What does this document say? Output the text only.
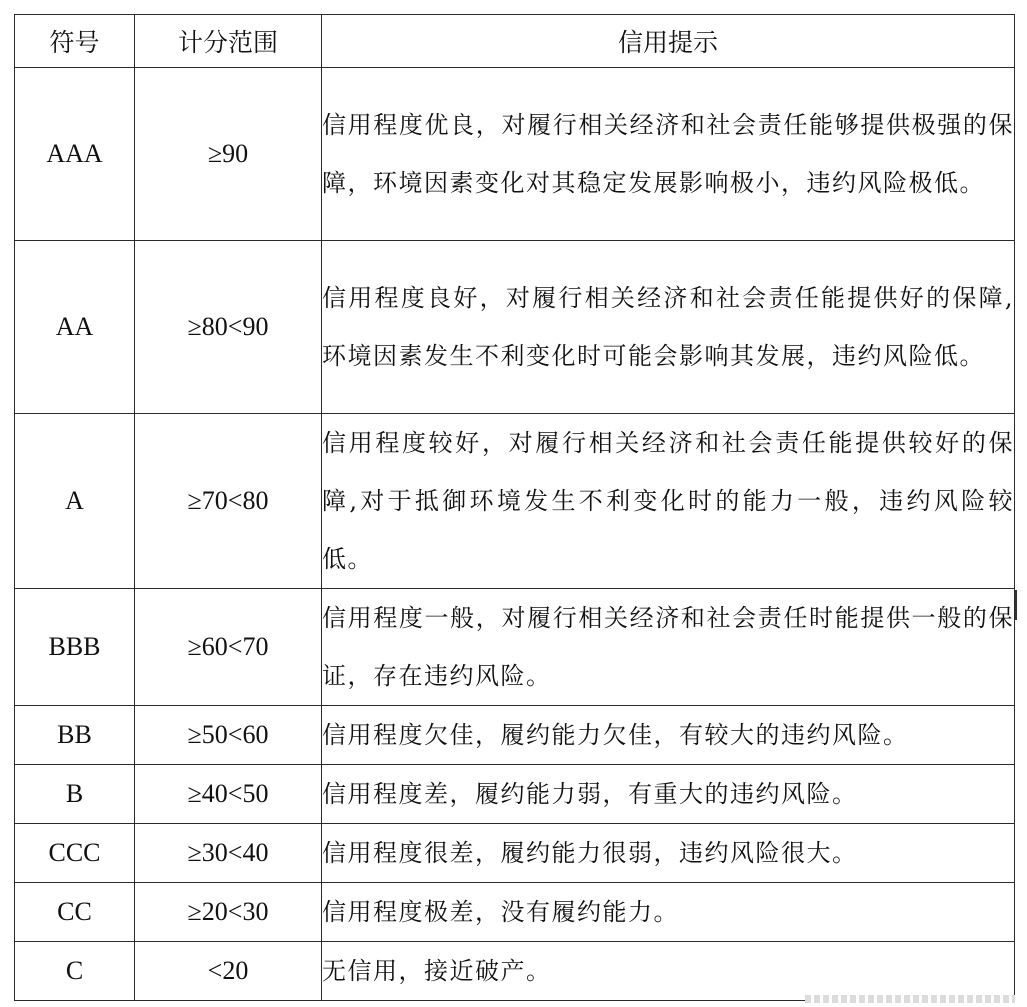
符号	计分范围	信用提示
AAA	≥90	信用程度优良，对履行相关经济和社会责任能够提供极强的保障，环境因素变化对其稳定发展影响极小，违约风险极低。
AA	≥80<90	信用程度良好，对履行相关经济和社会责任能提供好的保障,环境因素发生不利变化时可能会影响其发展，违约风险低。
A	≥70<80	信用程度较好，对履行相关经济和社会责任能提供较好的保障,对于抵御环境发生不利变化时的能力一般，违约风险较低。
BBB	≥60<70	信用程度一般，对履行相关经济和社会责任时能提供一般的保证，存在违约风险。
BB	≥50<60	信用程度欠佳，履约能力欠佳，有较大的违约风险。
B	≥40<50	信用程度差，履约能力弱，有重大的违约风险。
CCC	≥30<40	信用程度很差，履约能力很弱，违约风险很大。
CC	≥20<30	信用程度极差，没有履约能力。
C	<20	无信用，接近破产。
